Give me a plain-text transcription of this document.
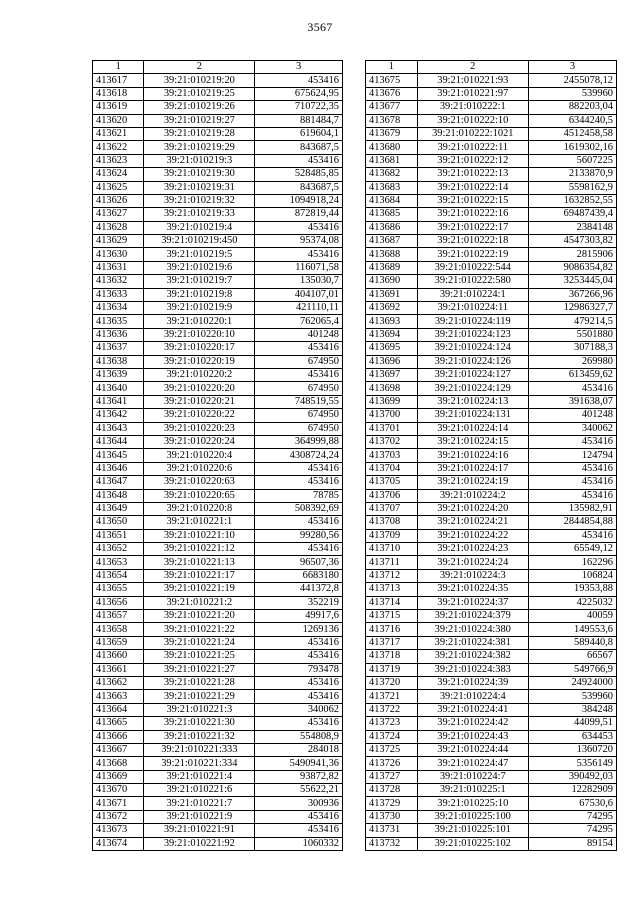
3567
1	2	3
413617	39:21:010219:20	453416
413618	39:21:010219:25	675624,95
413619	39:21:010219:26	710722,35
413620	39:21:010219:27	881484,7
413621	39:21:010219:28	619604,1
413622	39:21:010219:29	843687,5
413623	39:21:010219:3	453416
413624	39:21:010219:30	528485,85
413625	39:21:010219:31	843687,5
413626	39:21:010219:32	1094918,24
413627	39:21:010219:33	872819,44
413628	39:21:010219:4	453416
413629	39:21:010219:450	95374,08
413630	39:21:010219:5	453416
413631	39:21:010219:6	116071,58
413632	39:21:010219:7	135030,7
413633	39:21:010219:8	404107,01
413634	39:21:010219:9	421110,11
413635	39:21:010220:1	762065,4
413636	39:21:010220:10	401248
413637	39:21:010220:17	453416
413638	39:21:010220:19	674950
413639	39:21:010220:2	453416
413640	39:21:010220:20	674950
413641	39:21:010220:21	748519,55
413642	39:21:010220:22	674950
413643	39:21:010220:23	674950
413644	39:21:010220:24	364999,88
413645	39:21:010220:4	4308724,24
413646	39:21:010220:6	453416
413647	39:21:010220:63	453416
413648	39:21:010220:65	78785
413649	39:21:010220:8	508392,69
413650	39:21:010221:1	453416
413651	39:21:010221:10	99280,56
413652	39:21:010221:12	453416
413653	39:21:010221:13	96507,36
413654	39:21:010221:17	6683180
413655	39:21:010221:19	441372,8
413656	39:21:010221:2	352219
413657	39:21:010221:20	49917,6
413658	39:21:010221:22	1269136
413659	39:21:010221:24	453416
413660	39:21:010221:25	453416
413661	39:21:010221:27	793478
413662	39:21:010221:28	453416
413663	39:21:010221:29	453416
413664	39:21:010221:3	340062
413665	39:21:010221:30	453416
413666	39:21:010221:32	554808,9
413667	39:21:010221:333	284018
413668	39:21:010221:334	5490941,36
413669	39:21:010221:4	93872,82
413670	39:21:010221:6	55622,21
413671	39:21:010221:7	300936
413672	39:21:010221:9	453416
413673	39:21:010221:91	453416
413674	39:21:010221:92	1060332
1	2	3
413675	39:21:010221:93	2455078,12
413676	39:21:010221:97	539960
413677	39:21:010222:1	882203,04
413678	39:21:010222:10	6344240,5
413679	39:21:010222:1021	4512458,58
413680	39:21:010222:11	1619302,16
413681	39:21:010222:12	5607225
413682	39:21:010222:13	2133870,9
413683	39:21:010222:14	5598162,9
413684	39:21:010222:15	1632852,55
413685	39:21:010222:16	69487439,4
413686	39:21:010222:17	2384148
413687	39:21:010222:18	4547303,82
413688	39:21:010222:19	2815906
413689	39:21:010222:544	9086354,82
413690	39:21:010222:580	3253445,04
413691	39:21:010224:1	367266,96
413692	39:21:010224:11	12986327,7
413693	39:21:010224:119	479214,5
413694	39:21:010224:123	5501880
413695	39:21:010224:124	307188,3
413696	39:21:010224:126	269980
413697	39:21:010224:127	613459,62
413698	39:21:010224:129	453416
413699	39:21:010224:13	391638,07
413700	39:21:010224:131	401248
413701	39:21:010224:14	340062
413702	39:21:010224:15	453416
413703	39:21:010224:16	124794
413704	39:21:010224:17	453416
413705	39:21:010224:19	453416
413706	39:21:010224:2	453416
413707	39:21:010224:20	135982,91
413708	39:21:010224:21	2844854,88
413709	39:21:010224:22	453416
413710	39:21:010224:23	65549,12
413711	39:21:010224:24	162296
413712	39:21:010224:3	106824
413713	39:21:010224:35	19353,88
413714	39:21:010224:37	4225032
413715	39:21:010224:379	40059
413716	39:21:010224:380	149553,6
413717	39:21:010224:381	589440,8
413718	39:21:010224:382	66567
413719	39:21:010224:383	549766,9
413720	39:21:010224:39	24924000
413721	39:21:010224:4	539960
413722	39:21:010224:41	384248
413723	39:21:010224:42	44099,51
413724	39:21:010224:43	634453
413725	39:21:010224:44	1360720
413726	39:21:010224:47	5356149
413727	39:21:010224:7	390492,03
413728	39:21:010225:1	12282909
413729	39:21:010225:10	67530,6
413730	39:21:010225:100	74295
413731	39:21:010225:101	74295
413732	39:21:010225:102	89154
